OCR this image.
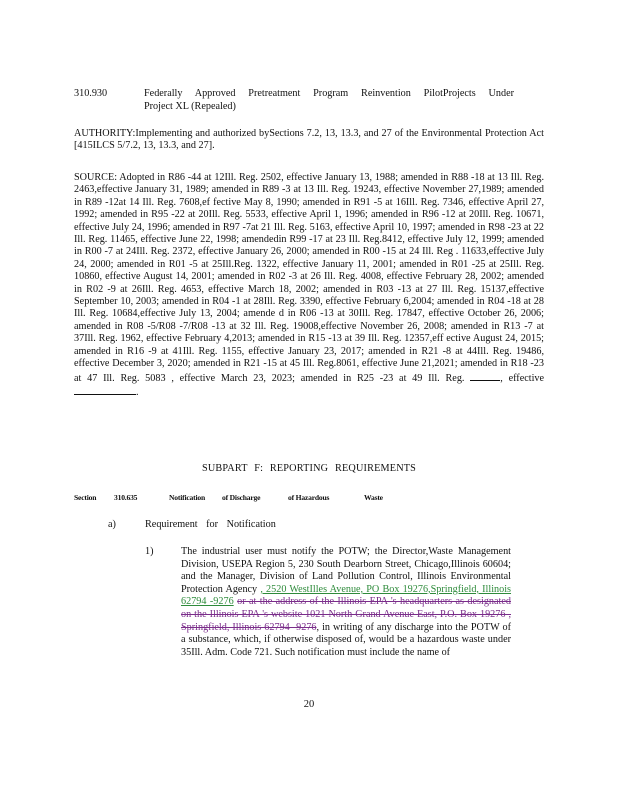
310.930	Federally Approved Pretreatment Program Reinvention PilotProjects Under
Project XL (Repealed)
AUTHORITY:Implementing and authorized bySections 7.2, 13, 13.3, and 27 of the Environmental Protection Act [415ILCS 5/7.2, 13, 13.3, and 27].
SOURCE: Adopted in R86 -44 at 12Ill. Reg. 2502, effective January 13, 1988; amended in R88 -18 at 13 Ill. Reg. 2463,effective January 31, 1989; amended in R89 -3 at 13 Ill. Reg. 19243, effective November 27,1989; amended in R89 -12at 14 Ill. Reg. 7608,ef fective May 8, 1990; amended in R91 -5 at 16Ill. Reg. 7346, effective April 27, 1992; amended in R95 -22 at 20Ill. Reg. 5533, effective April 1, 1996; amended in R96 -12 at 20Ill. Reg. 10671, effective July 24, 1996; amended in R97 -7at 21 Ill. Reg. 5163, effective April 10, 1997; amended in R98 -23 at 22 Ill. Reg. 11465, effective June 22, 1998; amendedin R99 -17 at 23 Ill. Reg.8412, effective July 12, 1999; amended in R00 -7 at 24Ill. Reg. 2372, effective January 26, 2000; amended in R00 -15 at 24 Ill. Reg . 11633,effective July 24, 2000; amended in R01 -5 at 25Ill.Reg. 1322, effective January 11, 2001; amended in R01 -25 at 25Ill. Reg. 10860, effective August 14, 2001; amended in R02 -3 at 26 Ill. Reg. 4008, effective February 28, 2002; amended in R02 -9 at 26Ill. Reg. 4653, effective March 18, 2002; amended in R03 -13 at 27 Ill. Reg. 15137,effective September 10, 2003; amended in R04 -1 at 28Ill. Reg. 3390, effective February 6,2004; amended in R04 -18 at 28 Ill. Reg. 10684,effective July 13, 2004; amende d in R06 -13 at 30Ill. Reg. 17847, effective October 26, 2006; amended in R08 -5/R08 -7/R08 -13 at 32 Ill. Reg. 19008,effective November 26, 2008; amended in R13 -7 at 37Ill. Reg. 1962, effective February 4,2013; amended in R15 -13 at 39 Ill. Reg. 12357,eff ective August 24, 2015; amended in R16 -9 at 41Ill. Reg. 1155, effective January 23, 2017; amended in R21 -8 at 44Ill. Reg. 19486, effective December 3, 2020; amended in R21 -15 at 45 Ill. Reg.8061, effective June 21,2021; amended in R18 -23 at 47 Ill. Reg. 5083 , effective March 23, 2023; amended in R25 -23 at 49 Ill. Reg.	, effective .
SUBPART F: REPORTING REQUIREMENTS
Section 310.635	Notification of Discharge	of Hazardous	Waste
a)	Requirement for Notification
1)	The industrial user must notify the POTW; the Director,Waste Management Division, USEPA Region 5, 230 South Dearborn Street, Chicago,Illinois 60604; and the Manager, Division of Land Pollution Control, Illinois Environmental Protection Agency , 2520 WestIlles Avenue, PO Box 19276,Springfield, Illinois 62794 -9276 or at the address of the Illinois EPA 's headquarters as designated on the Illinois EPA 's website 1021 North Grand Avenue East, P.O. Box 19276 , Springfield, Illinois 62794 -9276, in writing of any discharge into the POTW of a substance, which, if otherwise disposed of, would be a hazardous waste under 35Ill. Adm. Code 721. Such notification must include the name of
20
